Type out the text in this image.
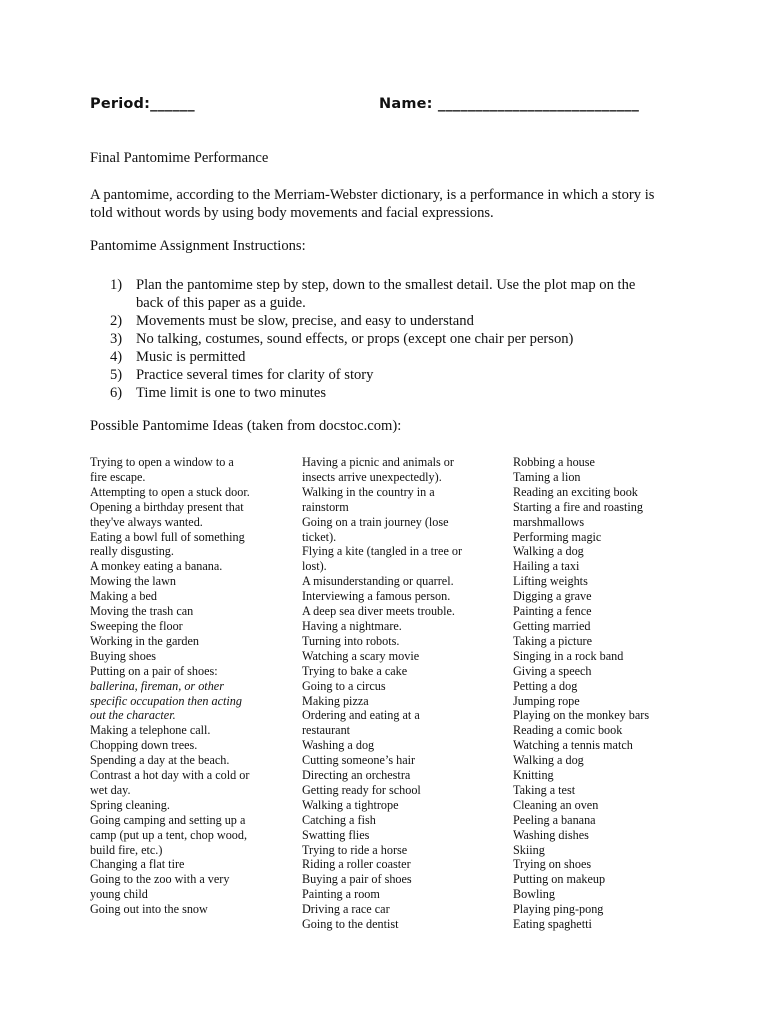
Period:______	Name: ___________________________
Final Pantomime Performance
A pantomime, according to the Merriam-Webster dictionary, is a performance in which a story is
told without words by using body movements and facial expressions.
Pantomime Assignment Instructions:
1) Plan the pantomime step by step, down to the smallest detail. Use the plot map on the
back of this paper as a guide.
2) Movements must be slow, precise, and easy to understand
3) No talking, costumes, sound effects, or props (except one chair per person)
4) Music is permitted
5) Practice several times for clarity of story
6) Time limit is one to two minutes
Possible Pantomime Ideas (taken from docstoc.com):
Trying to open a window to a
fire escape.
Attempting to open a stuck door.
Opening a birthday present that
they've always wanted.
Eating a bowl full of something
really disgusting.
A monkey eating a banana.
Mowing the lawn
Making a bed
Moving the trash can
Sweeping the floor
Working in the garden
Buying shoes
Putting on a pair of shoes:
ballerina, fireman, or other
specific occupation then acting
out the character.
Making a telephone call.
Chopping down trees.
Spending a day at the beach.
Contrast a hot day with a cold or
wet day.
Spring cleaning.
Going camping and setting up a
camp (put up a tent, chop wood,
build fire, etc.)
Changing a flat tire
Going to the zoo with a very
young child
Going out into the snow
Having a picnic and animals or
insects arrive unexpectedly).
Walking in the country in a
rainstorm
Going on a train journey (lose
ticket).
Flying a kite (tangled in a tree or
lost).
A misunderstanding or quarrel.
Interviewing a famous person.
A deep sea diver meets trouble.
Having a nightmare.
Turning into robots.
Watching a scary movie
Trying to bake a cake
Going to a circus
Making pizza
Ordering and eating at a
restaurant
Washing a dog
Cutting someone’s hair
Directing an orchestra
Getting ready for school
Walking a tightrope
Catching a fish
Swatting flies
Trying to ride a horse
Riding a roller coaster
Buying a pair of shoes
Painting a room
Driving a race car
Going to the dentist
Robbing a house
Taming a lion
Reading an exciting book
Starting a fire and roasting
marshmallows
Performing magic
Walking a dog
Hailing a taxi
Lifting weights
Digging a grave
Painting a fence
Getting married
Taking a picture
Singing in a rock band
Giving a speech
Petting a dog
Jumping rope
Playing on the monkey bars
Reading a comic book
Watching a tennis match
Walking a dog
Knitting
Taking a test
Cleaning an oven
Peeling a banana
Washing dishes
Skiing
Trying on shoes
Putting on makeup
Bowling
Playing ping-pong
Eating spaghetti
